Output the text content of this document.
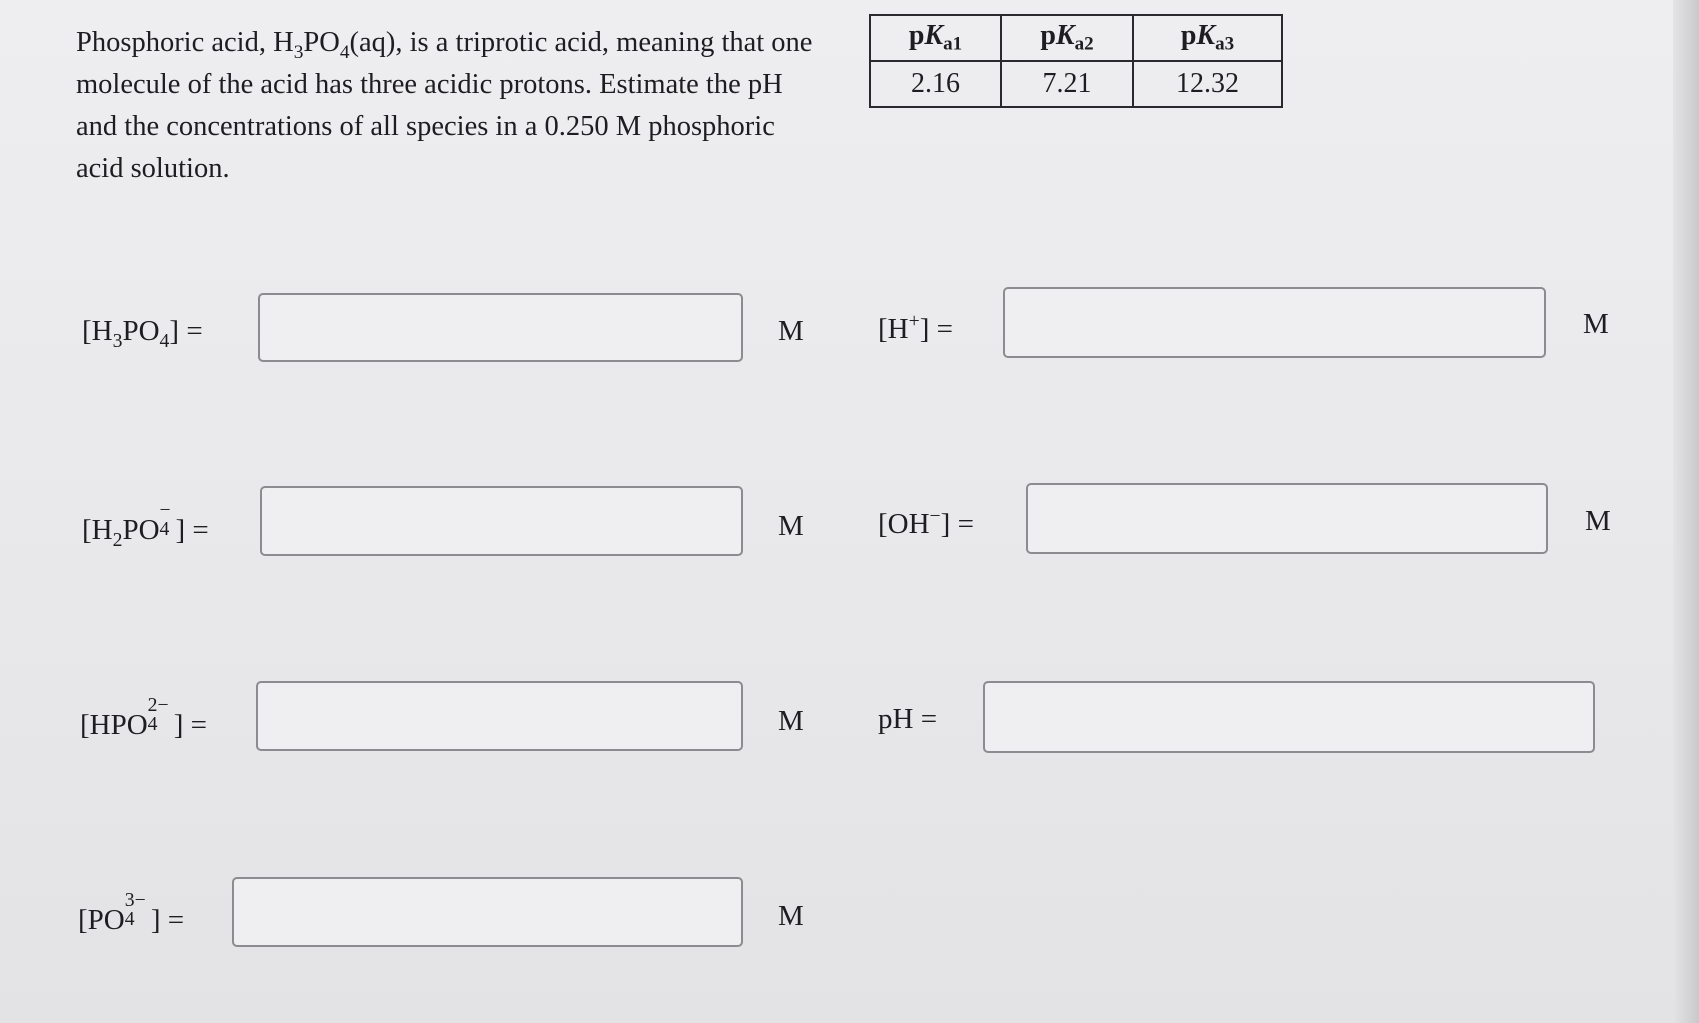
Phosphoric acid, $H_3PO_4(aq)$, is a triprotic acid, meaning that one molecule of the acid has three acidic protons. Estimate the pH and the concentrations of all species in a 0.250 M phosphoric acid solution.

$pK_{a1}$	$pK_{a2}$	$pK_{a3}$
2.16	7.21	12.32
$[H_3PO_4]$ =	M
[$H_2PO$
−
4 ] =	M
[HPO
2−
4 ] =	M
[PO
3−
4 ] =	M
[H+] =	M
[OH−] =	M
pH =
